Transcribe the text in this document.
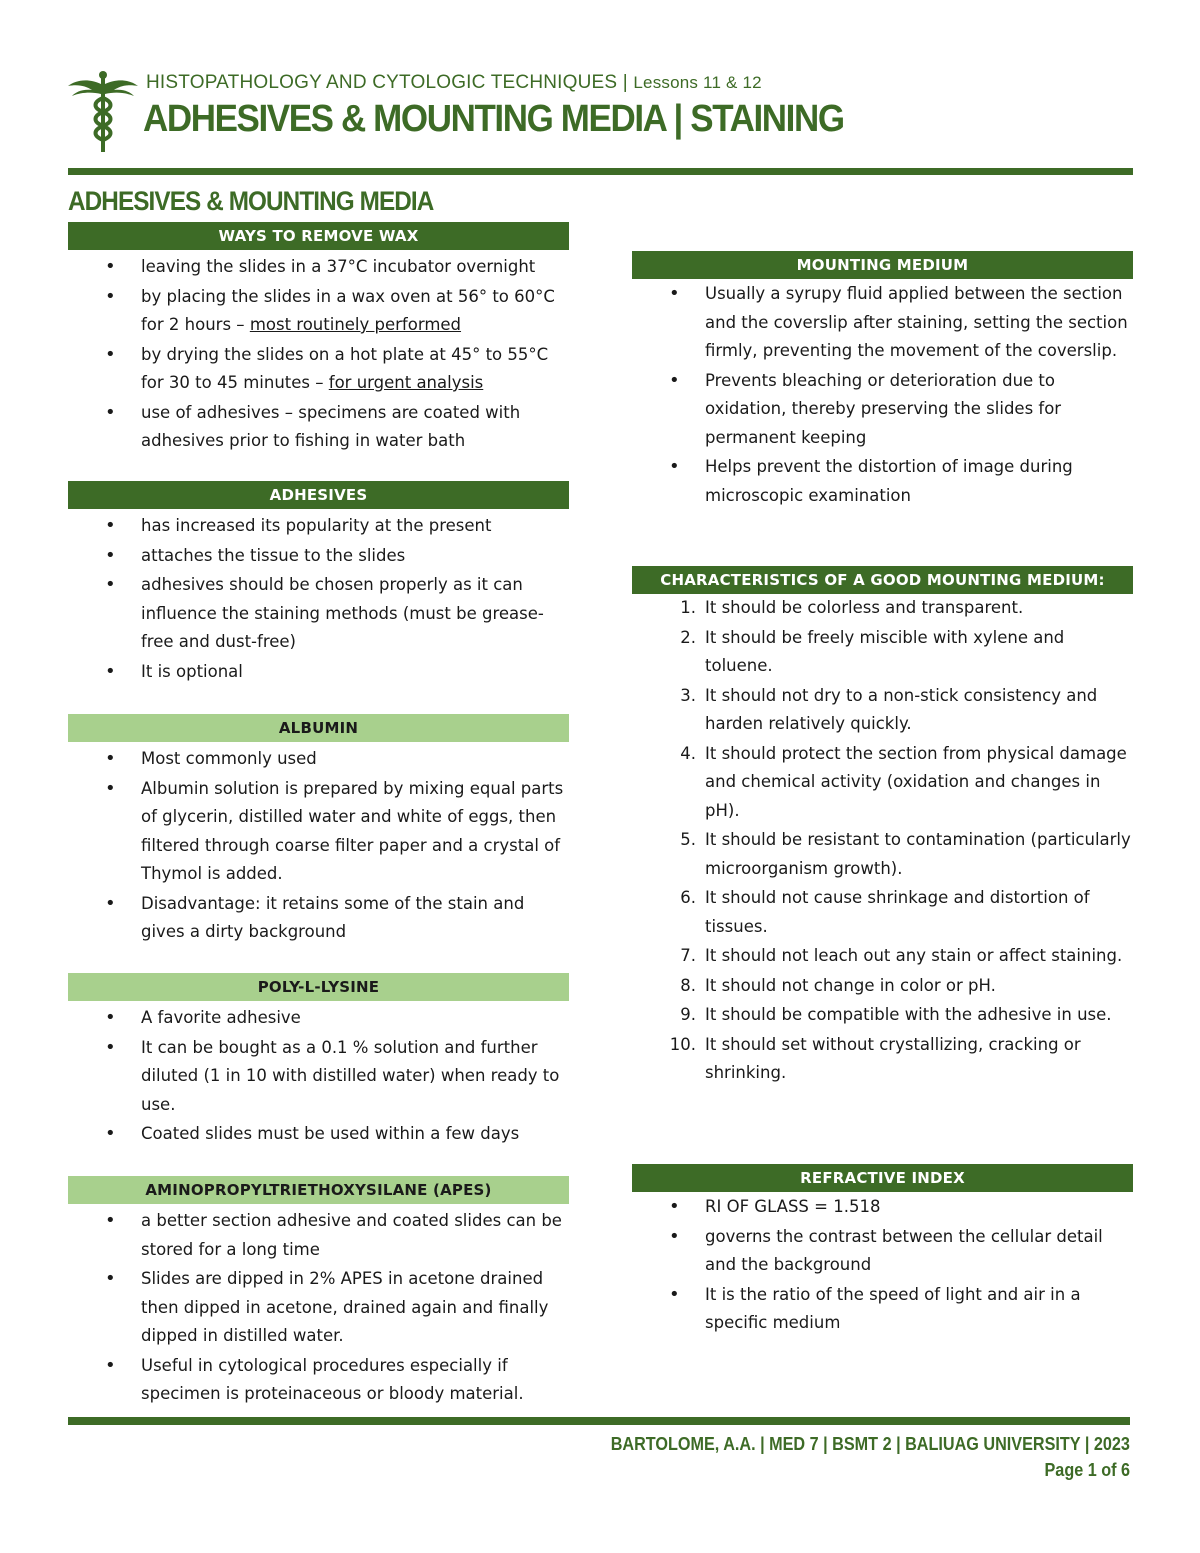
HISTOPATHOLOGY AND CYTOLOGIC TECHNIQUES | Lessons 11 & 12
ADHESIVES & MOUNTING MEDIA | STAINING
ADHESIVES & MOUNTING MEDIA
WAYS TO REMOVE WAX
• leaving the slides in a 37°C incubator overnight
• by placing the slides in a wax oven at 56° to 60°C for 2 hours – most routinely performed
• by drying the slides on a hot plate at 45° to 55°C for 30 to 45 minutes – for urgent analysis
• use of adhesives – specimens are coated with adhesives prior to fishing in water bath
ADHESIVES
• has increased its popularity at the present
• attaches the tissue to the slides
• adhesives should be chosen properly as it can influence the staining methods (must be grease-free and dust-free)
• It is optional
ALBUMIN
• Most commonly used
• Albumin solution is prepared by mixing equal parts of glycerin, distilled water and white of eggs, then filtered through coarse filter paper and a crystal of Thymol is added.
• Disadvantage: it retains some of the stain and gives a dirty background
POLY-L-LYSINE
• A favorite adhesive
• It can be bought as a 0.1 % solution and further diluted (1 in 10 with distilled water) when ready to use.
• Coated slides must be used within a few days
AMINOPROPYLTRIETHOXYSILANE (APES)
• a better section adhesive and coated slides can be stored for a long time
• Slides are dipped in 2% APES in acetone drained then dipped in acetone, drained again and finally dipped in distilled water.
• Useful in cytological procedures especially if specimen is proteinaceous or bloody material.
MOUNTING MEDIUM
• Usually a syrupy fluid applied between the section and the coverslip after staining, setting the section firmly, preventing the movement of the coverslip.
• Prevents bleaching or deterioration due to oxidation, thereby preserving the slides for permanent keeping
• Helps prevent the distortion of image during microscopic examination
CHARACTERISTICS OF A GOOD MOUNTING MEDIUM:
1. It should be colorless and transparent.
2. It should be freely miscible with xylene and toluene.
3. It should not dry to a non-stick consistency and harden relatively quickly.
4. It should protect the section from physical damage and chemical activity (oxidation and changes in pH).
5. It should be resistant to contamination (particularly microorganism growth).
6. It should not cause shrinkage and distortion of tissues.
7. It should not leach out any stain or affect staining.
8. It should not change in color or pH.
9. It should be compatible with the adhesive in use.
10. It should set without crystallizing, cracking or shrinking.
REFRACTIVE INDEX
• RI OF GLASS = 1.518
• governs the contrast between the cellular detail and the background
• It is the ratio of the speed of light and air in a specific medium
BARTOLOME, A.A. | MED 7 | BSMT 2 | BALIUAG UNIVERSITY | 2023
Page 1 of 6
